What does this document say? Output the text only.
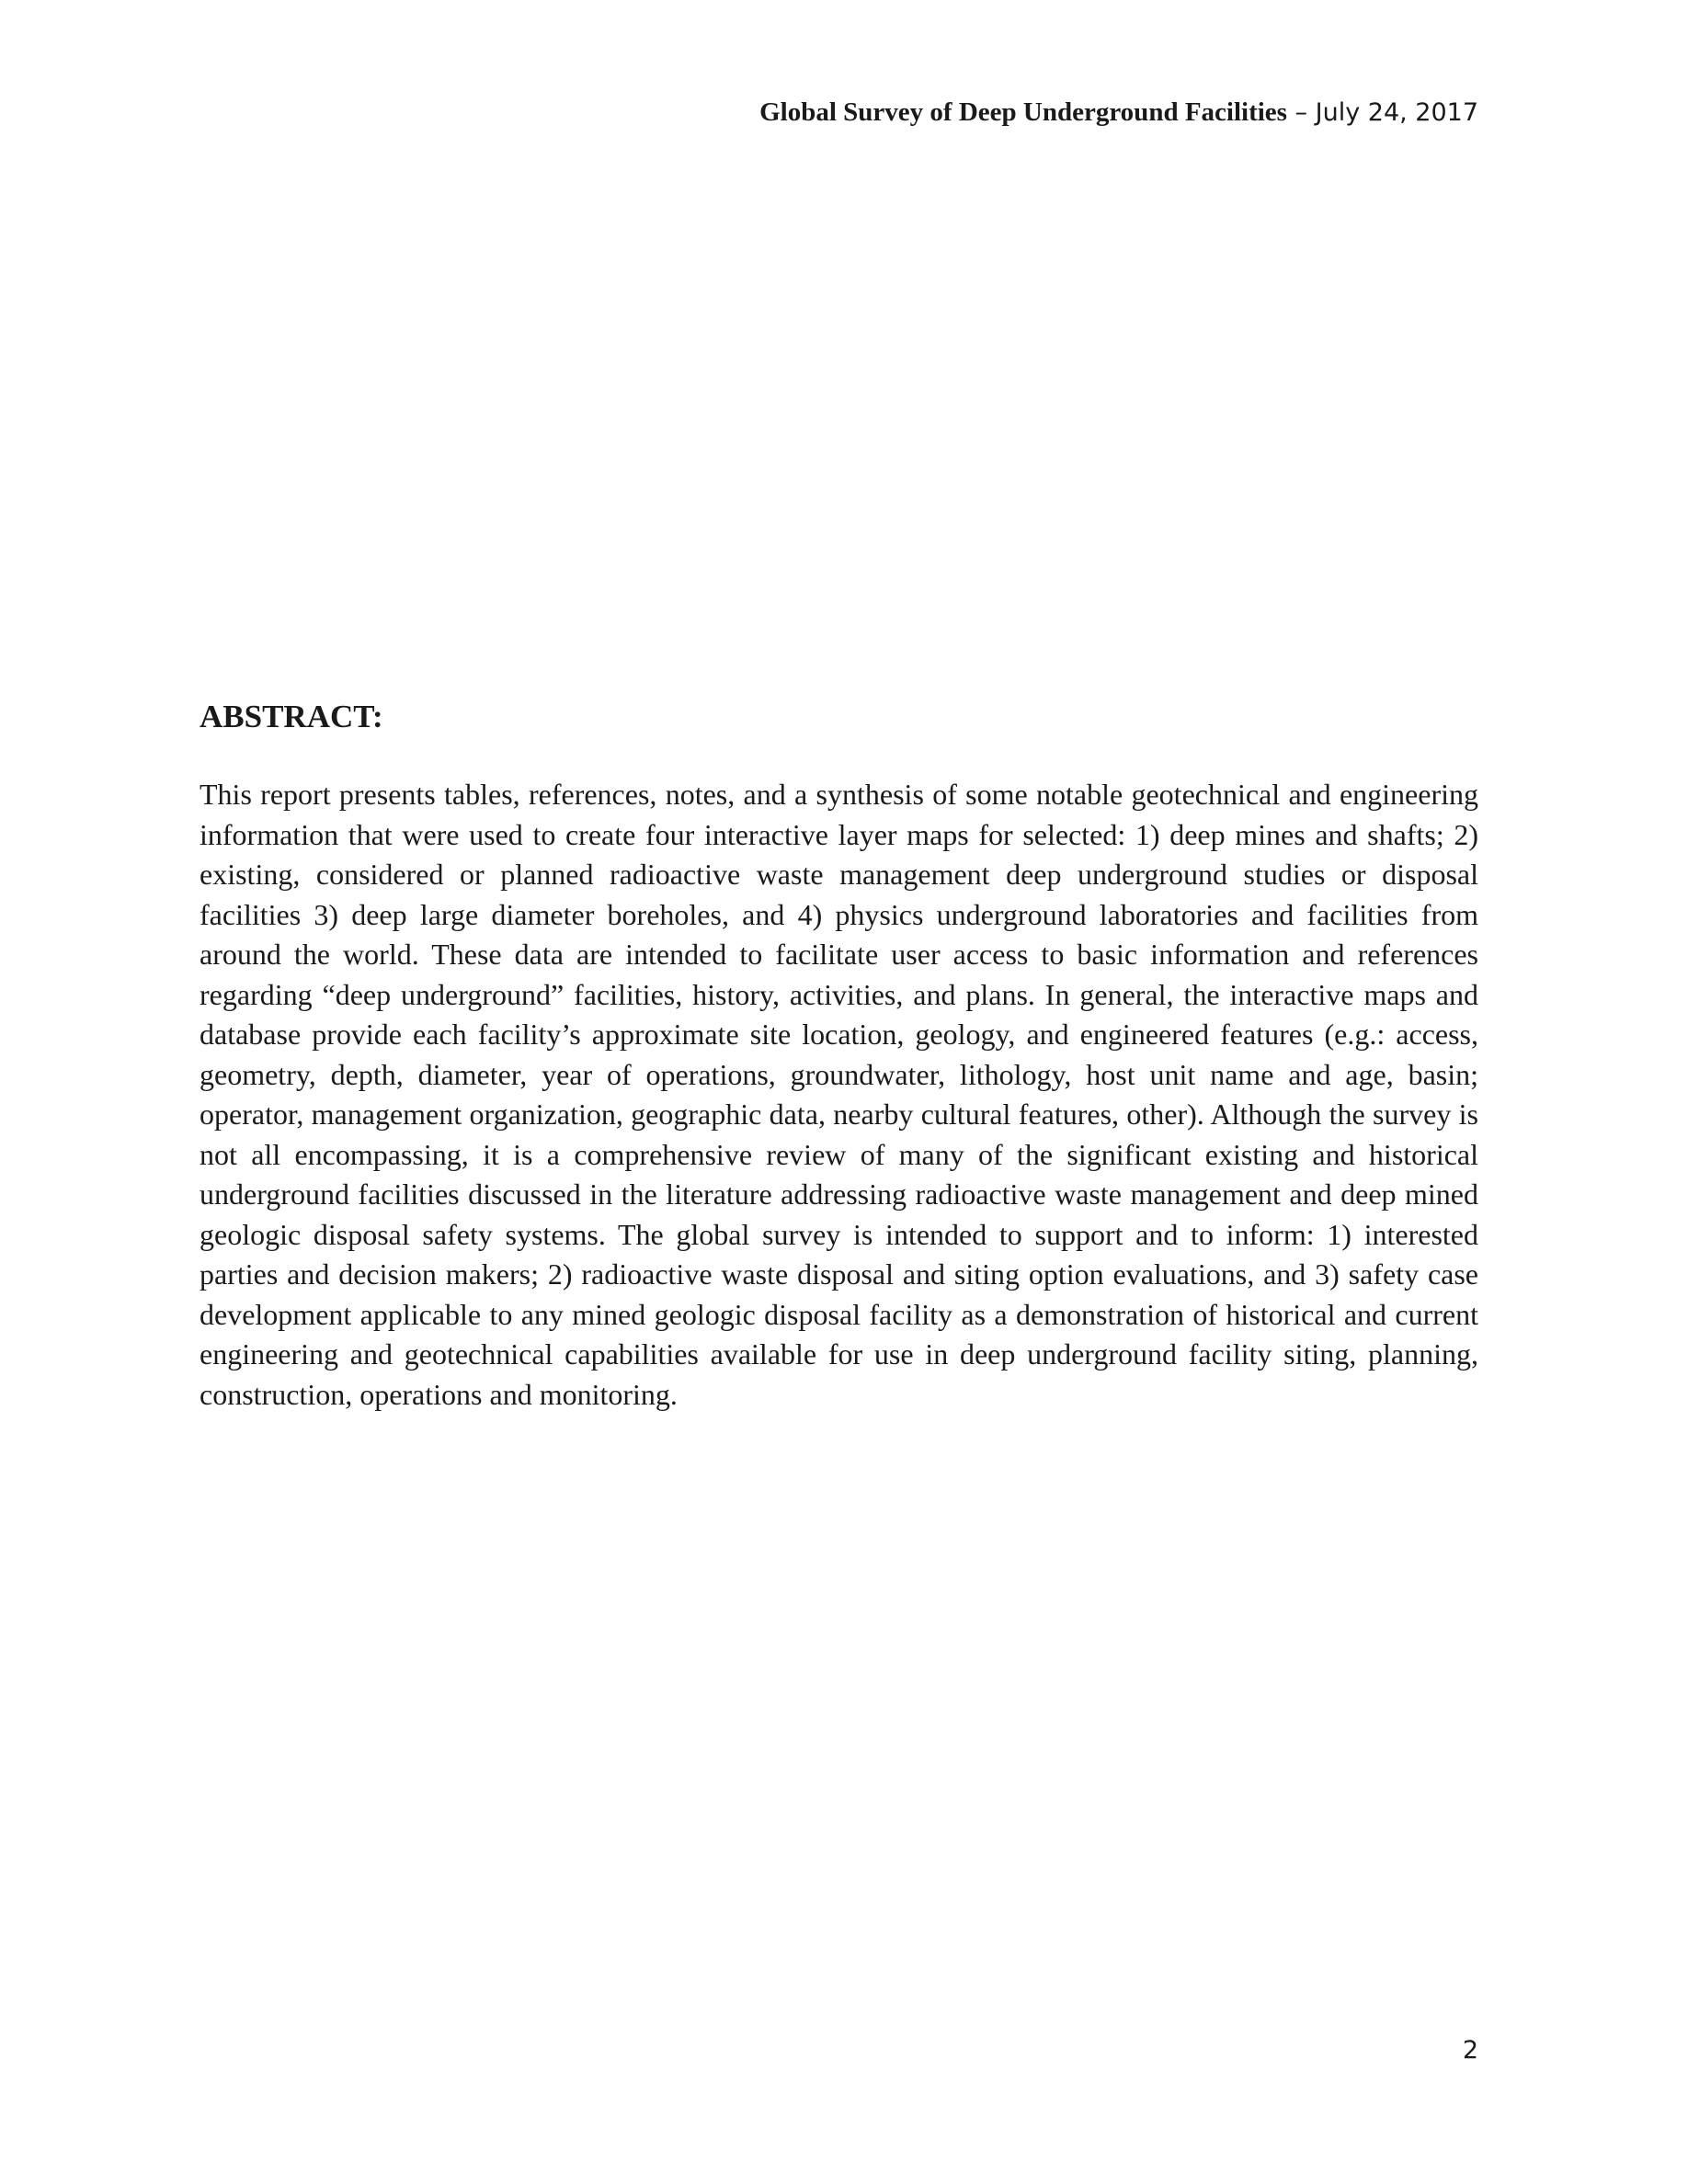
Global Survey of Deep Underground Facilities – July 24, 2017
ABSTRACT:

This report presents tables, references, notes, and a synthesis of some notable geotechnical and engineering information that were used to create four interactive layer maps for selected: 1) deep mines and shafts; 2) existing, considered or planned radioactive waste management deep underground studies or disposal facilities 3) deep large diameter boreholes, and 4) physics underground laboratories and facilities from around the world. These data are intended to facilitate user access to basic information and references regarding “deep underground” facilities, history, activities, and plans. In general, the interactive maps and database provide each facility’s approximate site location, geology, and engineered features (e.g.: access, geometry, depth, diameter, year of operations, groundwater, lithology, host unit name and age, basin; operator, management organization, geographic data, nearby cultural features, other). Although the survey is not all encompassing, it is a comprehensive review of many of the significant existing and historical underground facilities discussed in the literature addressing radioactive waste management and deep mined geologic disposal safety systems. The global survey is intended to support and to inform: 1) interested parties and decision makers; 2) radioactive waste disposal and siting option evaluations, and 3) safety case development applicable to any mined geologic disposal facility as a demonstration of historical and current engineering and geotechnical capabilities available for use in deep underground facility siting, planning, construction, operations and monitoring.

2
